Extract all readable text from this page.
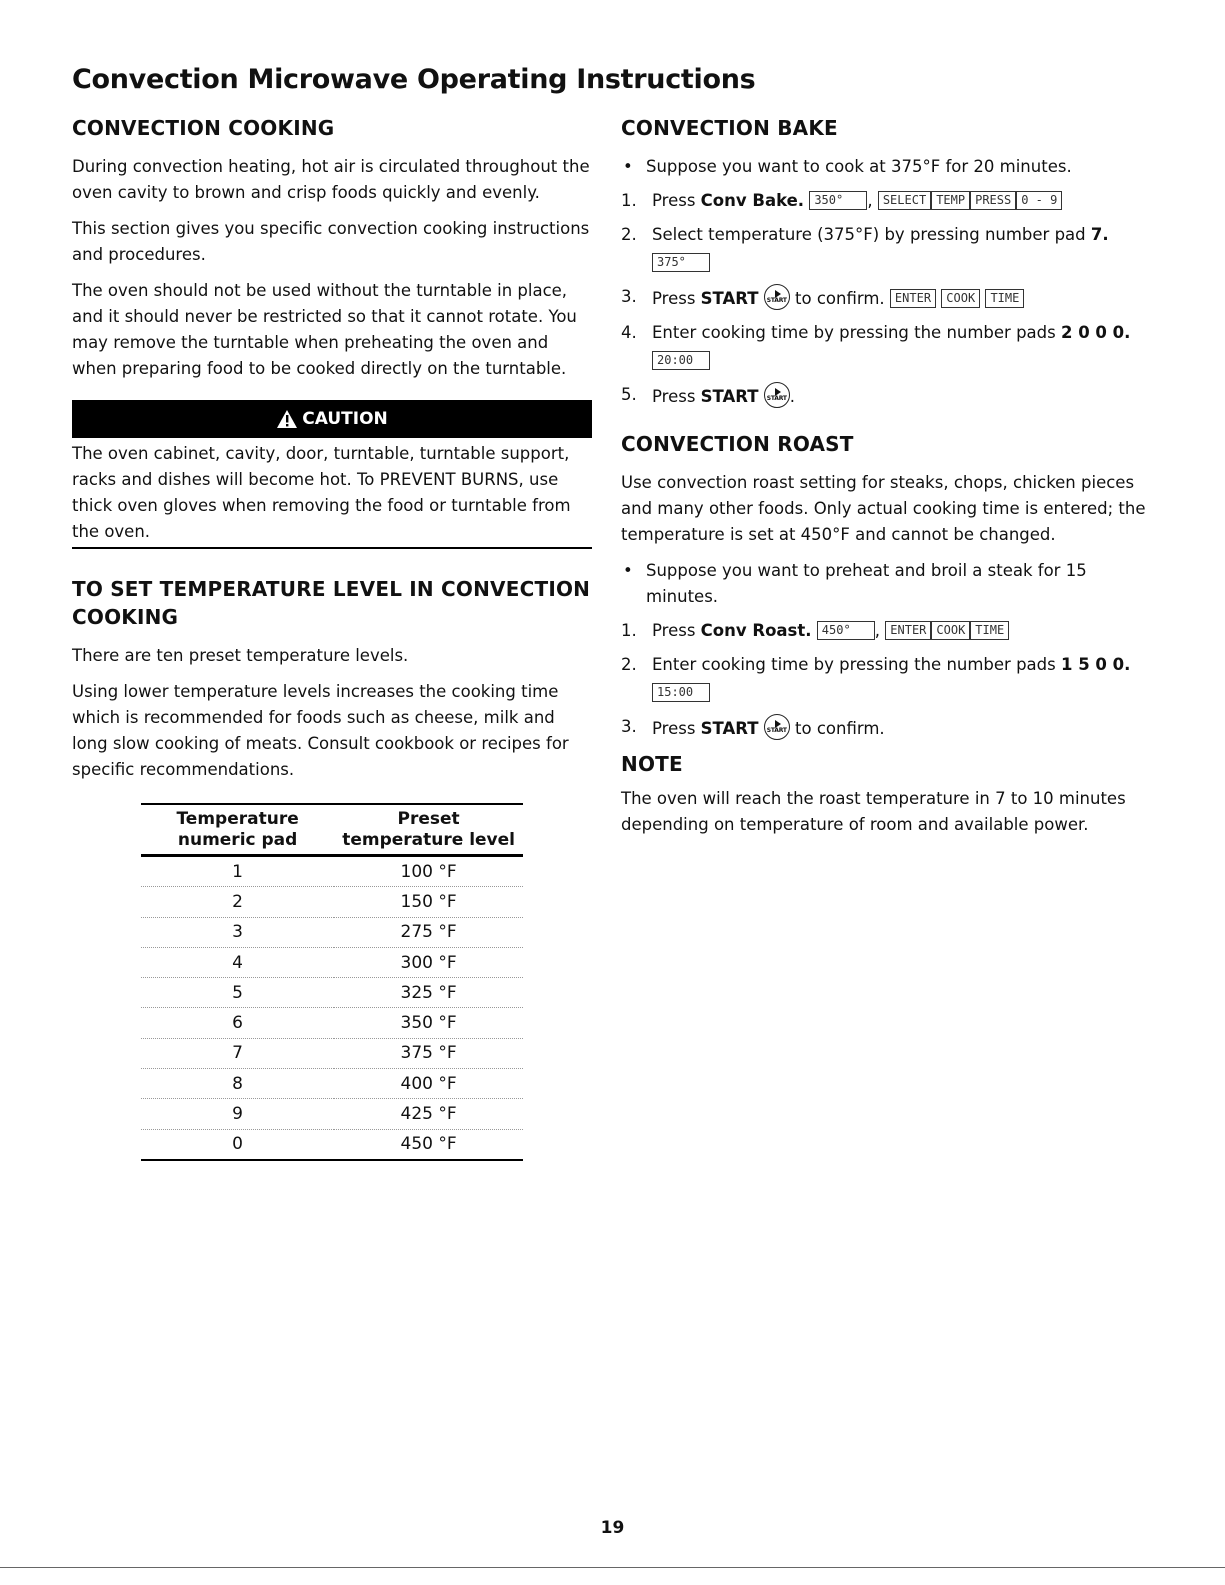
Convection Microwave Operating Instructions
CONVECTION COOKING

During convection heating, hot air is circulated throughout the oven cavity to brown and crisp foods quickly and evenly.

This section gives you specific convection cooking instructions and procedures.

The oven should not be used without the turntable in place, and it should never be restricted so that it cannot rotate. You may remove the turntable when preheating the oven and when preparing food to be cooked directly on the turntable.

CAUTION

The oven cabinet, cavity, door, turntable, turntable support, racks and dishes will become hot. To PREVENT BURNS, use thick oven gloves when removing the food or turntable from the oven.

TO SET TEMPERATURE LEVEL IN CONVECTION COOKING

There are ten preset temperature levels.

Using lower temperature levels increases the cooking time which is recommended for foods such as cheese, milk and long slow cooking of meats. Consult cookbook or recipes for specific recommendations.

Temperature numeric pad	Preset temperature level
1	100 °F
2	150 °F
3	275 °F
4	300 °F
5	325 °F
6	350 °F
7	375 °F
8	400 °F
9	425 °F
0	450 °F
CONVECTION BAKE
• Suppose you want to cook at 375°F for 20 minutes.
1. Press Conv Bake. 350° , SELECT TEMP PRESS 0 - 9
2. Select temperature (375°F) by pressing number pad 7.
375°
3. Press START	START to confirm. ENTER COOK TIME
4. Enter cooking time by pressing the number pads 2 0 0 0.
20:00
5. Press START	START .
CONVECTION ROAST

Use convection roast setting for steaks, chops, chicken pieces and many other foods. Only actual cooking time is entered; the temperature is set at 450°F and cannot be changed.

• Suppose you want to preheat and broil a steak for 15 minutes.
1. Press Conv Roast. 450° , ENTER COOK TIME
2. Enter cooking time by pressing the number pads 1 5 0 0.
15:00
3. Press START	START to confirm.
NOTE

The oven will reach the roast temperature in 7 to 10 minutes depending on temperature of room and available power.

19
